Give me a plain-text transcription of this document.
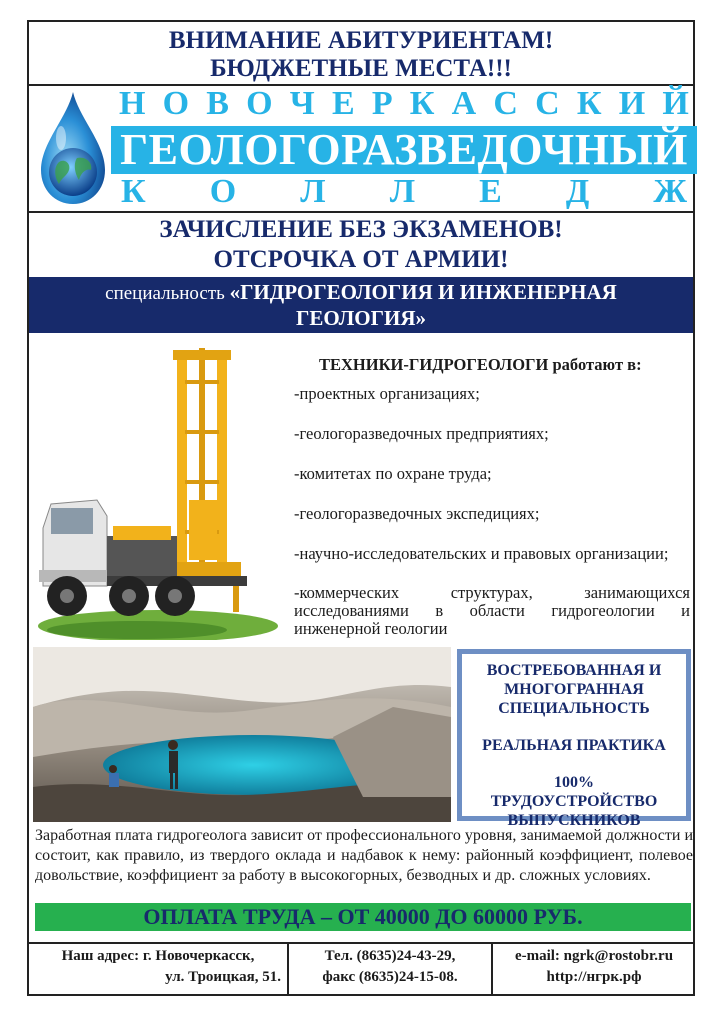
ВНИМАНИЕ АБИТУРИЕНТАМ!
БЮДЖЕТНЫЕ МЕСТА!!!
Н О В О Ч Е Р К А С С К И Й
ГЕОЛОГОРАЗВЕДОЧНЫЙ
К О Л Л Е Д Ж
ЗАЧИСЛЕНИЕ БЕЗ ЭКЗАМЕНОВ!
ОТСРОЧКА ОТ АРМИИ!
специальность «ГИДРОГЕОЛОГИЯ И ИНЖЕНЕРНАЯ
ГЕОЛОГИЯ»
ТЕХНИКИ-ГИДРОГЕОЛОГИ работают в:
-проектных организациях;
-геологоразведочных предприятиях;
-комитетах по охране труда;
-геологоразведочных экспедициях;
-научно-исследовательских и правовых организации;
-коммерческих структурах, занимающихся исследованиями в области гидрогеологии и инженерной геологии
ВОСТРЕБОВАННАЯ И
МНОГОГРАННАЯ
СПЕЦИАЛЬНОСТЬ
РЕАЛЬНАЯ ПРАКТИКА
100%
ТРУДОУСТРОЙСТВО
ВЫПУСКНИКОВ
Заработная плата гидрогеолога зависит от профессионального уровня, занимаемой должности и состоит, как правило, из твердого оклада и надбавок к нему: районный коэффициент, полевое довольствие, коэффициент за работу в высокогорных, безводных и др. сложных условиях.
ОПЛАТА ТРУДА – ОТ 40000 ДО 60000 РУБ.
Наш адрес: г. Новочеркасск,
ул. Троицкая, 51.
Тел. (8635)24-43-29,
факс (8635)24-15-08.
e-mail: ngrk@rostobr.ru
http://нгрк.рф
